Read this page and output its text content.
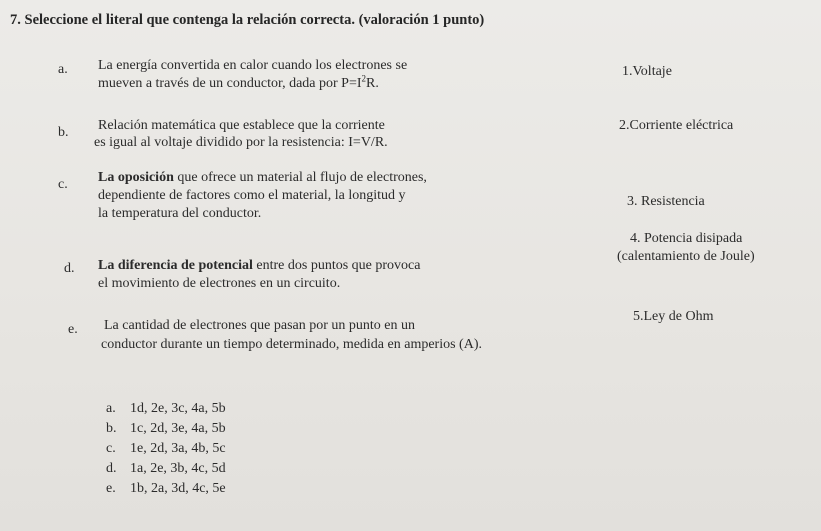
7. Seleccione el literal que contenga la relación correcta. (valoración 1 punto)
a. La energía convertida en calor cuando los electrones se
mueven a través de un conductor, dada por $P=I^2R$.
b. Relación matemática que establece que la corriente
es igual al voltaje dividido por la resistencia: I=V/R.
c. La oposición que ofrece un material al flujo de electrones,
dependiente de factores como el material, la longitud y
la temperatura del conductor.
d. La diferencia de potencial entre dos puntos que provoca
el movimiento de electrones en un circuito.
e. La cantidad de electrones que pasan por un punto en un
conductor durante un tiempo determinado, medida en amperios (A).
1.Voltaje
2.Corriente eléctrica
3. Resistencia
4. Potencia disipada
(calentamiento de Joule)
5.Ley de Ohm
a. 1d, 2e, 3c, 4a, 5b
b. 1c, 2d, 3e, 4a, 5b
c. 1e, 2d, 3a, 4b, 5c
d. 1a, 2e, 3b, 4c, 5d
e. 1b, 2a, 3d, 4c, 5e
